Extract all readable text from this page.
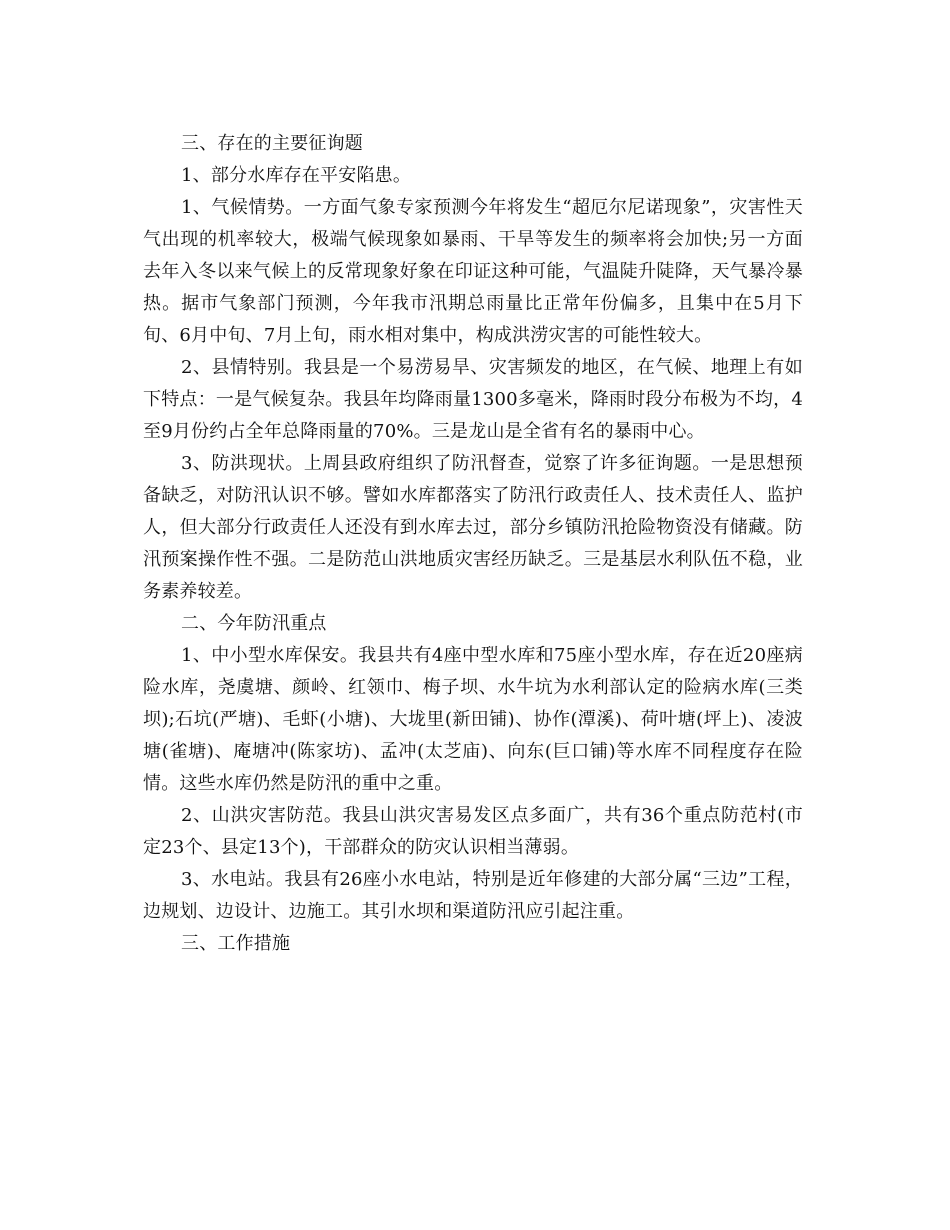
三、存在的主要征询题

1、部分水库存在平安陷患。

1、气候情势。一方面气象专家预测今年将发生“超厄尔尼诺现象”，灾害性天气出现的机率较大，极端气候现象如暴雨、干旱等发生的频率将会加快;另一方面去年入冬以来气候上的反常现象好象在印证这种可能，气温陡升陡降，天气暴冷暴热。据市气象部门预测，今年我市汛期总雨量比正常年份偏多，且集中在5月下旬、6月中旬、7月上旬，雨水相对集中，构成洪涝灾害的可能性较大。

2、县情特别。我县是一个易涝易旱、灾害频发的地区，在气候、地理上有如下特点：一是气候复杂。我县年均降雨量1300多毫米，降雨时段分布极为不均，4至9月份约占全年总降雨量的70%。三是龙山是全省有名的暴雨中心。

3、防洪现状。上周县政府组织了防汛督查，觉察了许多征询题。一是思想预备缺乏，对防汛认识不够。譬如水库都落实了防汛行政责任人、技术责任人、监护人，但大部分行政责任人还没有到水库去过，部分乡镇防汛抢险物资没有储藏。防汛预案操作性不强。二是防范山洪地质灾害经历缺乏。三是基层水利队伍不稳，业务素养较差。

二、今年防汛重点

1、中小型水库保安。我县共有4座中型水库和75座小型水库，存在近20座病险水库，尧虞塘、颜岭、红领巾、梅子坝、水牛坑为水利部认定的险病水库(三类坝);石坑(严塘)、毛虾(小塘)、大垅里(新田铺)、协作(潭溪)、荷叶塘(坪上)、凌波塘(雀塘)、庵塘冲(陈家坊)、孟冲(太芝庙)、向东(巨口铺)等水库不同程度存在险情。这些水库仍然是防汛的重中之重。

2、山洪灾害防范。我县山洪灾害易发区点多面广，共有36个重点防范村(市定23个、县定13个)，干部群众的防灾认识相当薄弱。

3、水电站。我县有26座小水电站，特别是近年修建的大部分属“三边”工程，边规划、边设计、边施工。其引水坝和渠道防汛应引起注重。

三、工作措施
